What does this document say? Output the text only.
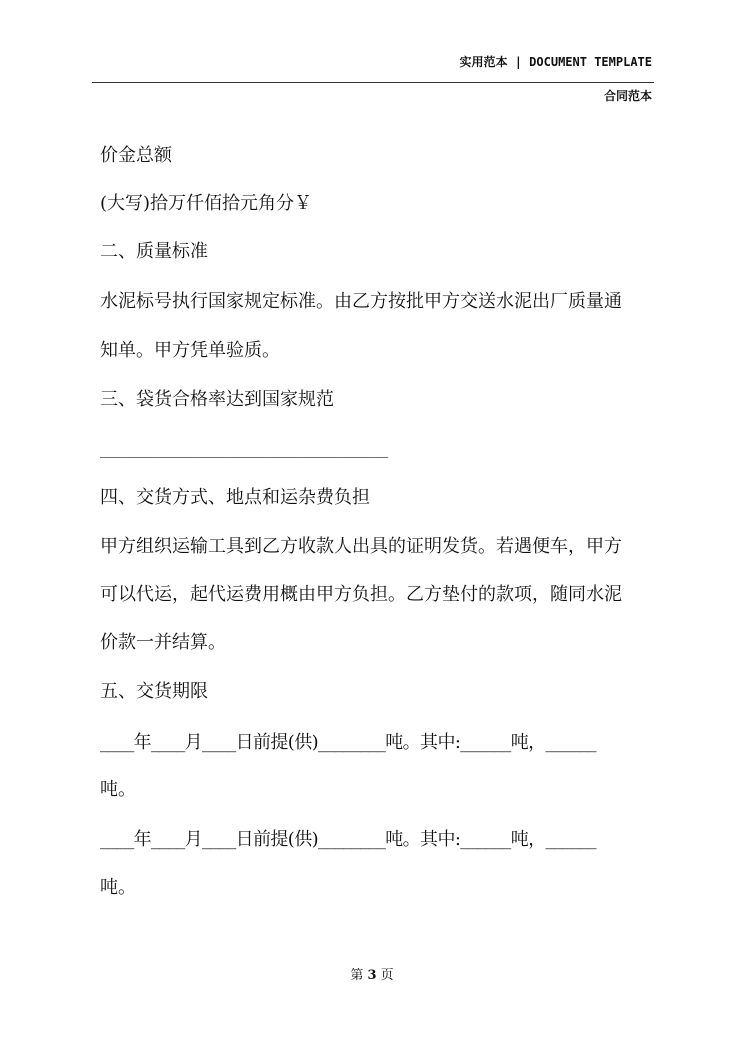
实用范本 | DOCUMENT TEMPLATE
合同范本
价金总额
(大写)拾万仟佰拾元角分￥
二、质量标准
水泥标号执行国家规定标准。由乙方按批甲方交送水泥出厂质量通
知单。甲方凭单验质。
三、袋货合格率达到国家规范
________________________________________
四、交货方式、地点和运杂费负担
甲方组织运输工具到乙方收款人出具的证明发货。若遇便车，甲方
可以代运，起代运费用概由甲方负担。乙方垫付的款项，随同水泥
价款一并结算。
五、交货期限
____年____月____日前提(供)________吨。其中:______吨，______
吨。
____年____月____日前提(供)________吨。其中:______吨，______
吨。
第 3 页
